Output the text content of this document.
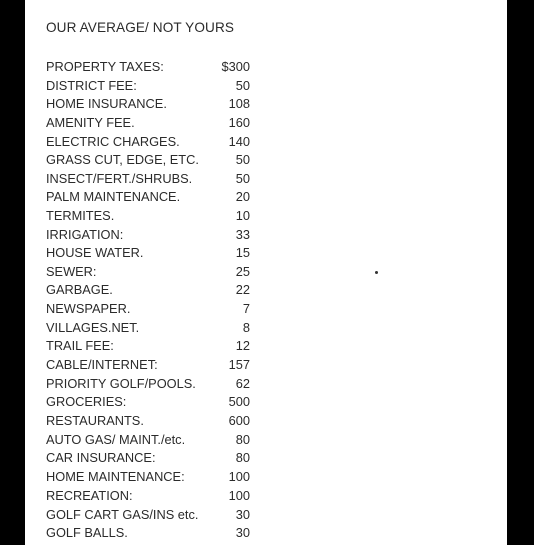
OUR AVERAGE/ NOT YOURS
PROPERTY TAXES:	$300
DISTRICT FEE:	50
HOME INSURANCE.	108
AMENITY FEE.	160
ELECTRIC CHARGES.	140
GRASS CUT, EDGE, ETC.	50
INSECT/FERT./SHRUBS.	50
PALM MAINTENANCE.	20
TERMITES.	10
IRRIGATION:	33
HOUSE WATER.	15
SEWER:	25
GARBAGE.	22
NEWSPAPER.	7
VILLAGES.NET.	8
TRAIL FEE:	12
CABLE/INTERNET:	157
PRIORITY GOLF/POOLS.	62
GROCERIES:	500
RESTAURANTS.	600
AUTO GAS/ MAINT./etc.	80
CAR INSURANCE:	80
HOME MAINTENANCE:	100
RECREATION:	100
GOLF CART GAS/INS etc.	30
GOLF BALLS.	30
